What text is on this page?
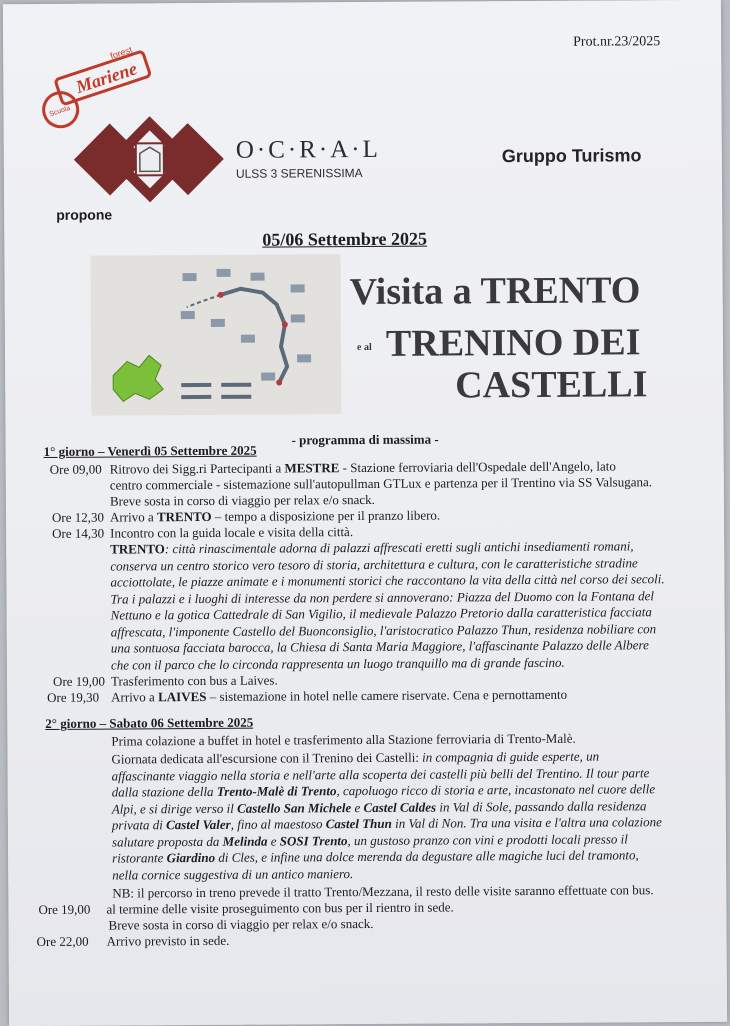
Prot.nr.23/2025
Mariene
forest
Scuola
O·C·R·A·L
ULSS 3 SERENISSIMA
Gruppo Turismo
propone
05/06 Settembre 2025
Visita a TRENTO
e al TRENINO DEI
CASTELLI
- programma di massima -
1° giorno – Venerdì 05 Settembre 2025
Ore 09,00 Ritrovo dei Sigg.ri Partecipanti a MESTRE - Stazione ferroviaria dell'Ospedale dell'Angelo, lato
centro commerciale - sistemazione sull'autopullman GTLux e partenza per il Trentino via SS Valsugana.
Breve sosta in corso di viaggio per relax e/o snack.
Ore 12,30 Arrivo a TRENTO – tempo a disposizione per il pranzo libero.
Ore 14,30 Incontro con la guida locale e visita della città.
TRENTO: città rinascimentale adorna di palazzi affrescati eretti sugli antichi insediamenti romani,
conserva un centro storico vero tesoro di storia, architettura e cultura, con le caratteristiche stradine
acciottolate, le piazze animate e i monumenti storici che raccontano la vita della città nel corso dei secoli.
Tra i palazzi e i luoghi di interesse da non perdere si annoverano: Piazza del Duomo con la Fontana del
Nettuno e la gotica Cattedrale di San Vigilio, il medievale Palazzo Pretorio dalla caratteristica facciata
affrescata, l'imponente Castello del Buonconsiglio, l'aristocratico Palazzo Thun, residenza nobiliare con
una sontuosa facciata barocca, la Chiesa di Santa Maria Maggiore, l'affascinante Palazzo delle Albere
che con il parco che lo circonda rappresenta un luogo tranquillo ma di grande fascino.
Ore 19,00 Trasferimento con bus a Laives.
Ore 19,30 Arrivo a LAIVES – sistemazione in hotel nelle camere riservate. Cena e pernottamento
2° giorno – Sabato 06 Settembre 2025
Prima colazione a buffet in hotel e trasferimento alla Stazione ferroviaria di Trento-Malè.
Giornata dedicata all'escursione con il Trenino dei Castelli: in compagnia di guide esperte, un
affascinante viaggio nella storia e nell'arte alla scoperta dei castelli più belli del Trentino. Il tour parte
dalla stazione della Trento-Malè di Trento, capoluogo ricco di storia e arte, incastonato nel cuore delle
Alpi, e si dirige verso il Castello San Michele e Castel Caldes in Val di Sole, passando dalla residenza
privata di Castel Valer, fino al maestoso Castel Thun in Val di Non. Tra una visita e l'altra una colazione
salutare proposta da Melinda e SOSI Trento, un gustoso pranzo con vini e prodotti locali presso il
ristorante Giardino di Cles, e infine una dolce merenda da degustare alle magiche luci del tramonto,
nella cornice suggestiva di un antico maniero.
NB: il percorso in treno prevede il tratto Trento/Mezzana, il resto delle visite saranno effettuate con bus.
Ore 19,00 al termine delle visite proseguimento con bus per il rientro in sede.
Breve sosta in corso di viaggio per relax e/o snack.
Ore 22,00 Arrivo previsto in sede.
